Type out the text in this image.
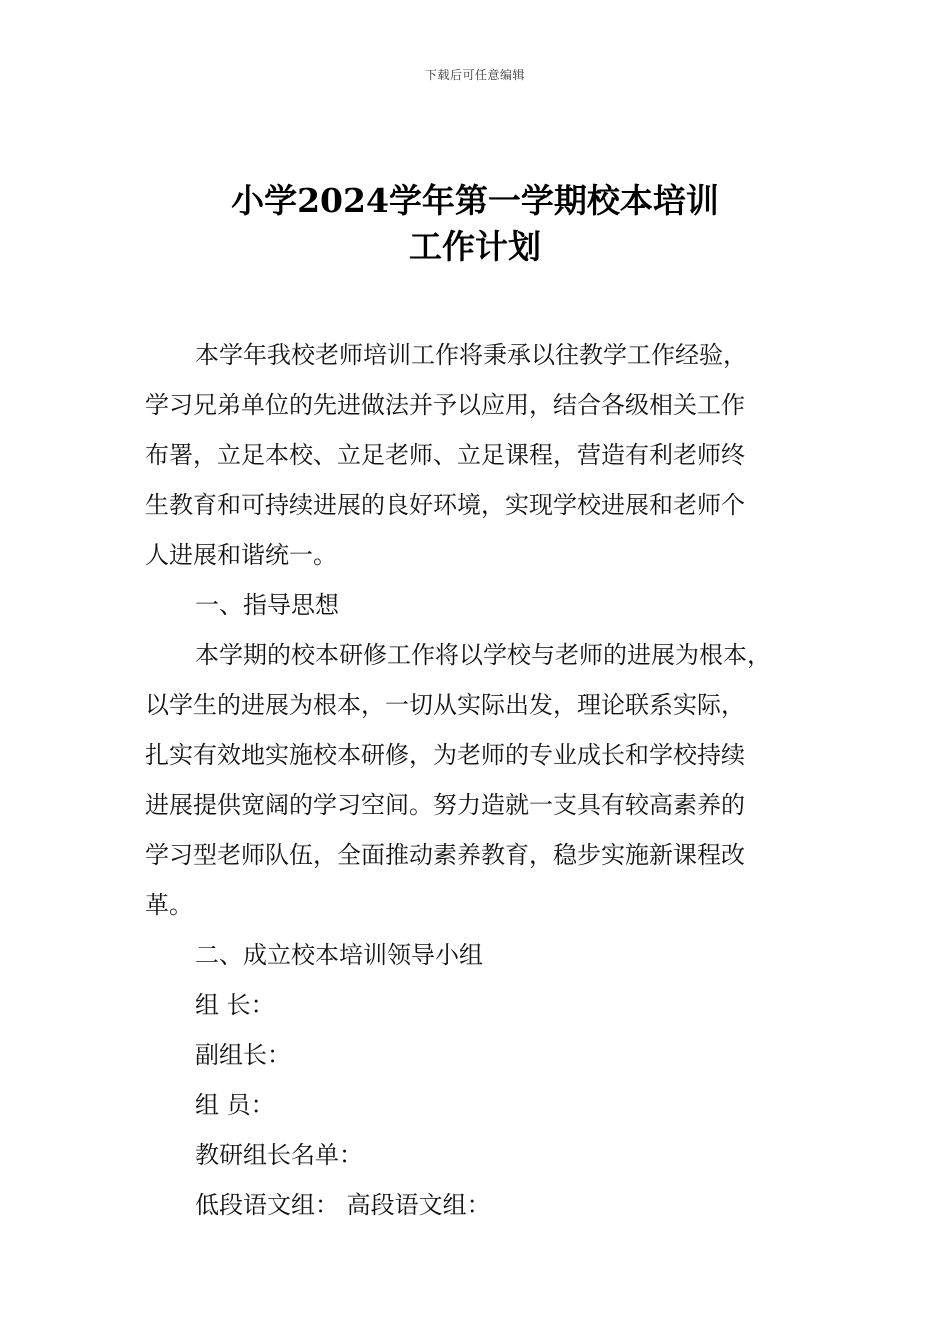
下载后可任意编辑
小学2024学年第一学期校本培训
工作计划

本学年我校老师培训工作将秉承以往教学工作经验，

学习兄弟单位的先进做法并予以应用，结合各级相关工作

布署，立足本校、立足老师、立足课程，营造有利老师终

生教育和可持续进展的良好环境，实现学校进展和老师个

人进展和谐统一。

一、指导思想

本学期的校本研修工作将以学校与老师的进展为根本，

以学生的进展为根本，一切从实际出发，理论联系实际，

扎实有效地实施校本研修，为老师的专业成长和学校持续

进展提供宽阔的学习空间。努力造就一支具有较高素养的

学习型老师队伍，全面推动素养教育，稳步实施新课程改

革。

二、成立校本培训领导小组

组 长：

副组长：

组 员：

教研组长名单：

低段语文组： 高段语文组：
